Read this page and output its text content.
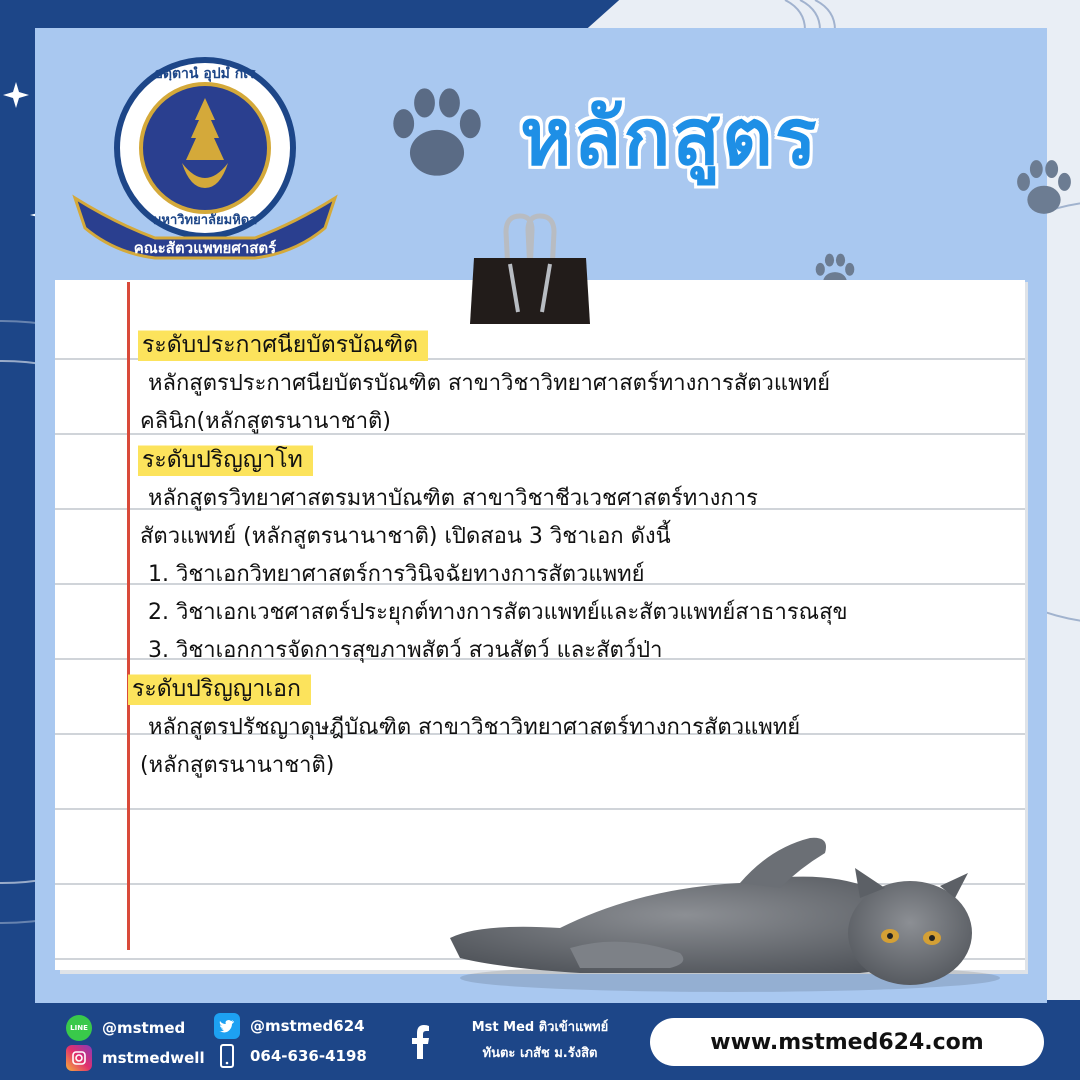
อตฺตานํ อุปมํ กเร
มหาวิทยาลัยมหิดล
คณะสัตวแพทยศาสตร์
หลักสูตร
ระดับประกาศนียบัตรบัณฑิต
หลักสูตรประกาศนียบัตรบัณฑิต สาขาวิชาวิทยาศาสตร์ทางการสัตวแพทย์
คลินิก(หลักสูตรนานาชาติ)
ระดับปริญญาโท
หลักสูตรวิทยาศาสตรมหาบัณฑิต สาขาวิชาชีวเวชศาสตร์ทางการ
สัตวแพทย์ (หลักสูตรนานาชาติ) เปิดสอน 3 วิชาเอก ดังนี้
1. วิชาเอกวิทยาศาสตร์การวินิจฉัยทางการสัตวแพทย์
2. วิชาเอกเวชศาสตร์ประยุกต์ทางการสัตวแพทย์และสัตวแพทย์สาธารณสุข
3. วิชาเอกการจัดการสุขภาพสัตว์ สวนสัตว์ และสัตว์ป่า
ระดับปริญญาเอก
หลักสูตรปรัชญาดุษฎีบัณฑิต สาขาวิชาวิทยาศาสตร์ทางการสัตวแพทย์
(หลักสูตรนานาชาติ)
LINE @mstmed
mstmedwell
@mstmed624
064-636-4198
Mst Med ติวเข้าแพทย์
ทันตะ เภสัช ม.รังสิต	www.mstmed624.com
